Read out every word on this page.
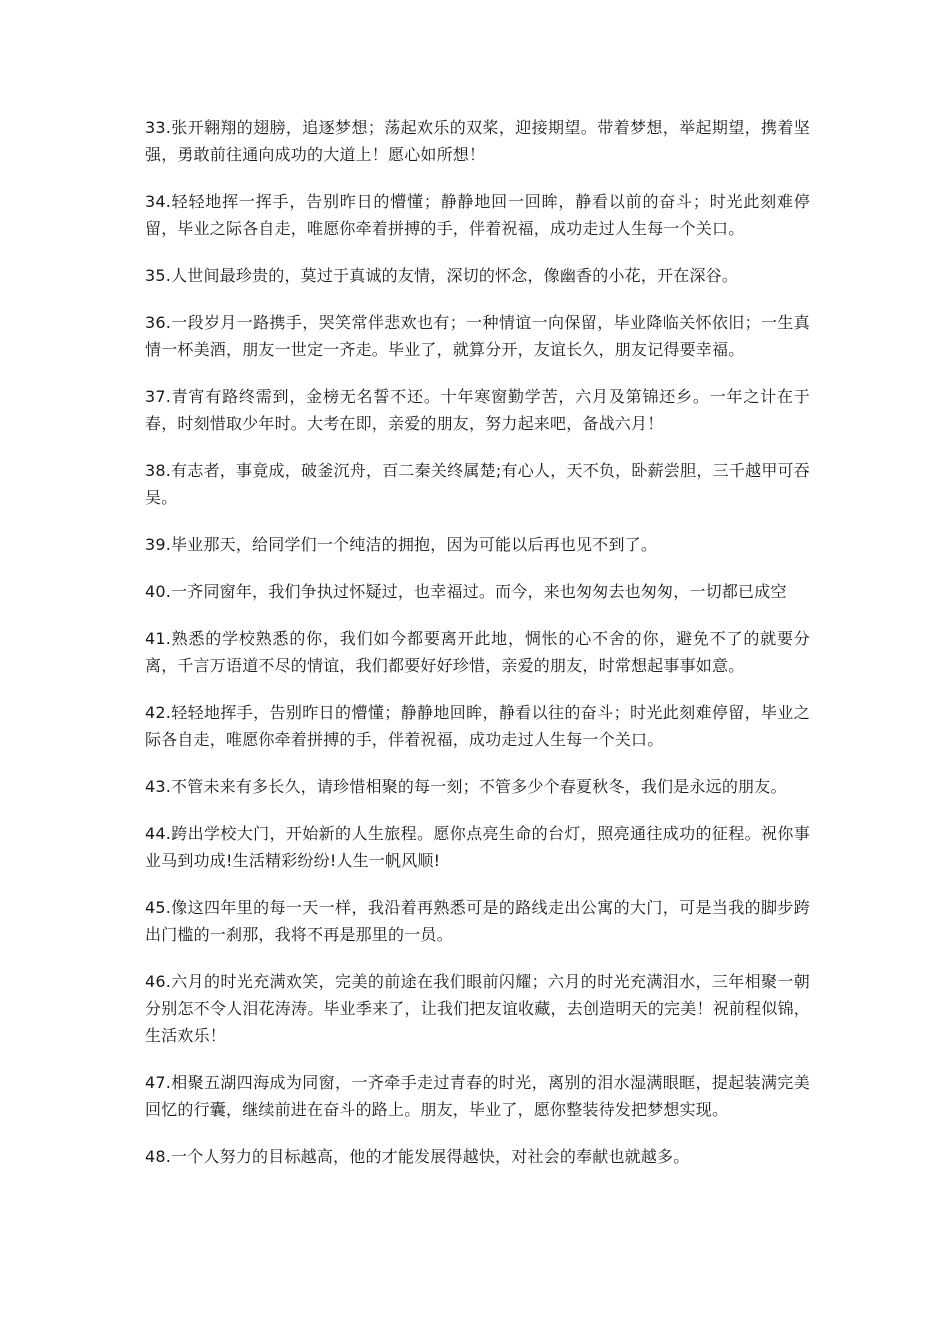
33.张开翱翔的翅膀，追逐梦想；荡起欢乐的双桨，迎接期望。带着梦想，举起期望，携着坚强，勇敢前往通向成功的大道上！愿心如所想！

34.轻轻地挥一挥手，告别昨日的懵懂；静静地回一回眸，静看以前的奋斗；时光此刻难停留，毕业之际各自走，唯愿你牵着拼搏的手，伴着祝福，成功走过人生每一个关口。

35.人世间最珍贵的，莫过于真诚的友情，深切的怀念，像幽香的小花，开在深谷。

36.一段岁月一路携手，哭笑常伴悲欢也有；一种情谊一向保留，毕业降临关怀依旧；一生真情一杯美酒，朋友一世定一齐走。毕业了，就算分开，友谊长久，朋友记得要幸福。

37.青宵有路终需到，金榜无名誓不还。十年寒窗勤学苦，六月及第锦还乡。一年之计在于春，时刻惜取少年时。大考在即，亲爱的朋友，努力起来吧，备战六月！

38.有志者，事竟成，破釜沉舟，百二秦关终属楚;有心人，天不负，卧薪尝胆，三千越甲可吞吴。

39.毕业那天，给同学们一个纯洁的拥抱，因为可能以后再也见不到了。

40.一齐同窗年，我们争执过怀疑过，也幸福过。而今，来也匆匆去也匆匆，一切都已成空

41.熟悉的学校熟悉的你，我们如今都要离开此地，惆怅的心不舍的你，避免不了的就要分离，千言万语道不尽的情谊，我们都要好好珍惜，亲爱的朋友，时常想起事事如意。

42.轻轻地挥手，告别昨日的懵懂；静静地回眸，静看以往的奋斗；时光此刻难停留，毕业之际各自走，唯愿你牵着拼搏的手，伴着祝福，成功走过人生每一个关口。

43.不管未来有多长久，请珍惜相聚的每一刻；不管多少个春夏秋冬，我们是永远的朋友。

44.跨出学校大门，开始新的人生旅程。愿你点亮生命的台灯，照亮通往成功的征程。祝你事业马到功成!生活精彩纷纷!人生一帆风顺!

45.像这四年里的每一天一样，我沿着再熟悉可是的路线走出公寓的大门，可是当我的脚步跨出门槛的一刹那，我将不再是那里的一员。

46.六月的时光充满欢笑，完美的前途在我们眼前闪耀；六月的时光充满泪水，三年相聚一朝分别怎不令人泪花涛涛。毕业季来了，让我们把友谊收藏，去创造明天的完美！祝前程似锦，生活欢乐！

47.相聚五湖四海成为同窗，一齐牵手走过青春的时光，离别的泪水湿满眼眶，提起装满完美回忆的行囊，继续前进在奋斗的路上。朋友，毕业了，愿你整装待发把梦想实现。

48.一个人努力的目标越高，他的才能发展得越快，对社会的奉献也就越多。
